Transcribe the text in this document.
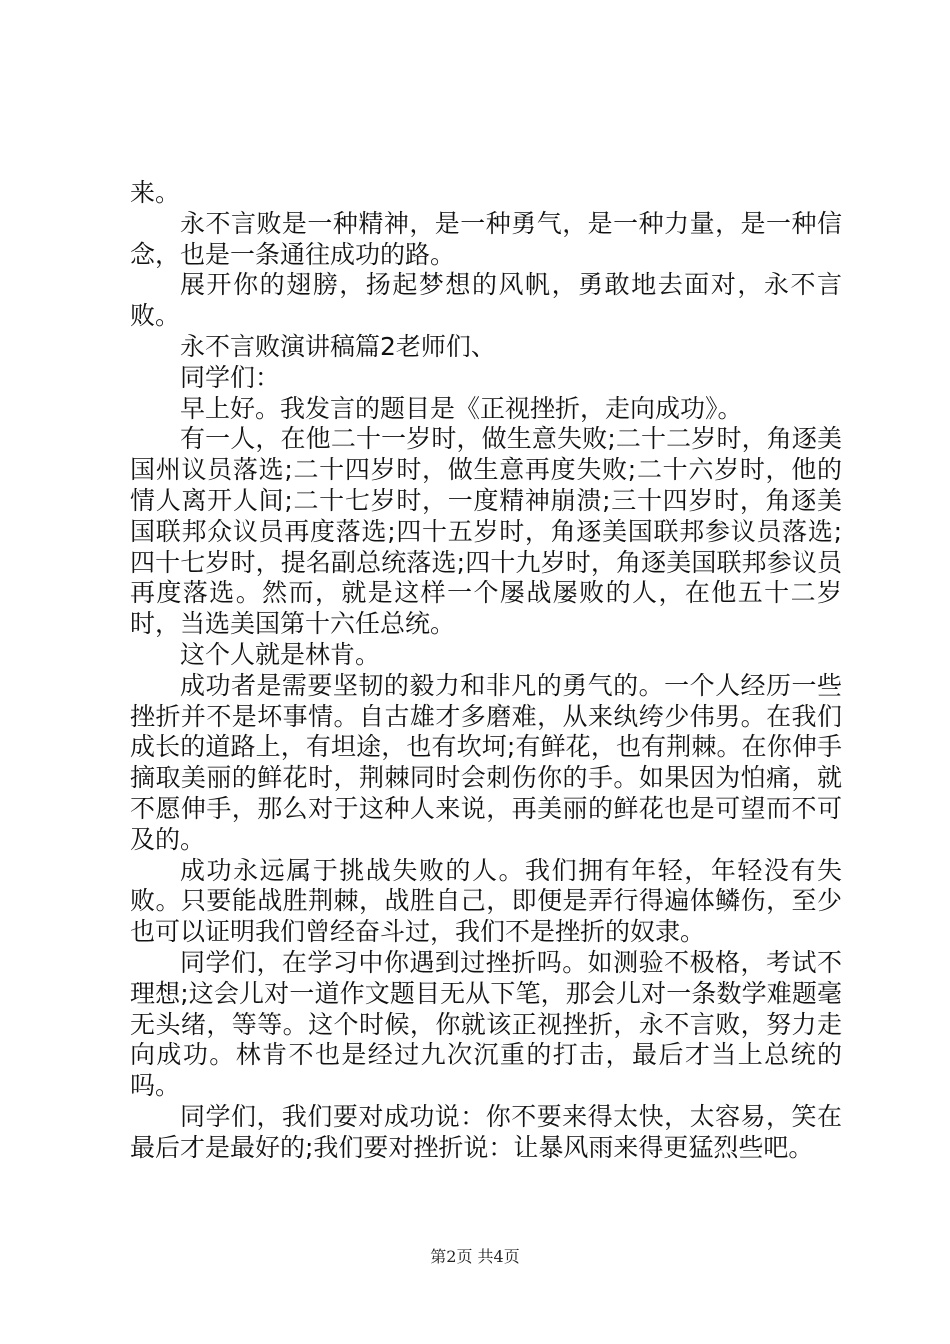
来。

永不言败是一种精神，是一种勇气，是一种力量，是一种信念，也是一条通往成功的路。

展开你的翅膀，扬起梦想的风帆，勇敢地去面对，永不言败。

永不言败演讲稿篇2老师们、

同学们：

早上好。我发言的题目是《正视挫折，走向成功》。

有一人，在他二十一岁时，做生意失败;二十二岁时，角逐美国州议员落选;二十四岁时，做生意再度失败;二十六岁时，他的情人离开人间;二十七岁时，一度精神崩溃;三十四岁时，角逐美国联邦众议员再度落选;四十五岁时，角逐美国联邦参议员落选;四十七岁时，提名副总统落选;四十九岁时，角逐美国联邦参议员再度落选。然而，就是这样一个屡战屡败的人，在他五十二岁时，当选美国第十六任总统。

这个人就是林肯。

成功者是需要坚韧的毅力和非凡的勇气的。一个人经历一些挫折并不是坏事情。自古雄才多磨难，从来纨绔少伟男。在我们成长的道路上，有坦途，也有坎坷;有鲜花，也有荆棘。在你伸手摘取美丽的鲜花时，荆棘同时会刺伤你的手。如果因为怕痛，就不愿伸手，那么对于这种人来说，再美丽的鲜花也是可望而不可及的。

成功永远属于挑战失败的人。我们拥有年轻，年轻没有失败。只要能战胜荆棘，战胜自己，即便是弄行得遍体鳞伤，至少也可以证明我们曾经奋斗过，我们不是挫折的奴隶。

同学们，在学习中你遇到过挫折吗。如测验不极格，考试不理想;这会儿对一道作文题目无从下笔，那会儿对一条数学难题毫无头绪，等等。这个时候，你就该正视挫折，永不言败，努力走向成功。林肯不也是经过九次沉重的打击，最后才当上总统的吗。

同学们，我们要对成功说：你不要来得太快，太容易，笑在最后才是最好的;我们要对挫折说：让暴风雨来得更猛烈些吧。

第2页 共4页
